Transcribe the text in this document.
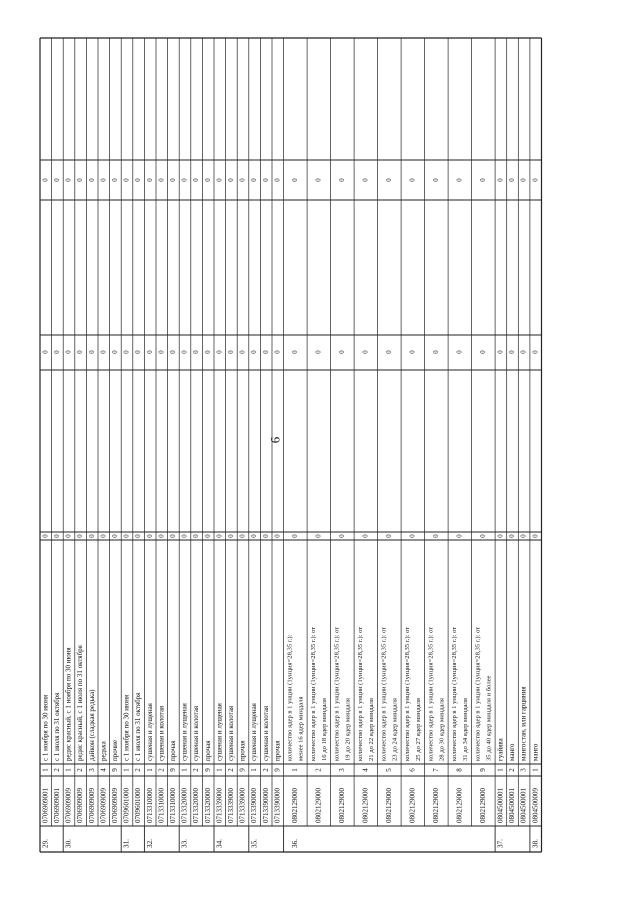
6
29.
0706909001
1
с 1 ноября по 30 июня
0
0
0
0706909001
2
с 1 июля по 31 октября
0
0
0
30.
0706909009
1
редис красный, с 1 ноября по 30 июня
0
0
0
0706909009
2
редис красный, с 1 июля по 31 октября
0
0
0
0706909009
3
дайкон (сладкая редька)
0
0
0
0706909009
4
редька
0
0
0
0706909009
9
прочие
0
0
0
31.
0709601000
1
с 1 ноября по 30 июня
0
0
0
0709601000
2
с 1 июля по 31 октября
0
0
0
32.
0713310000
1
сушеная и лущеная
0
0
0
0713310000
2
сушеная и колотая
0
0
0
0713310000
9
прочая
0
0
0
33.
0713320000
1
сушеная и лущеная
0
0
0
0713320000
2
сушеная и колотая
0
0
0
0713320000
9
прочая
0
0
0
34.
0713339000
1
сушеная и лущеная
0
0
0
0713339000
2
сушеная и колотая
0
0
0
0713339000
9
прочая
0
0
0
35.
0713390000
1
сушеная и лущеная
0
0
0
0713390000
2
сушеная и колотая
0
0
0
0713390000
9
прочая
0
0
0
36.
0802129000
1
количество ядер в 1 унции (1унция=28,35 г.): менее 16 ядер миндаля
0
0
0
0802129000
2
количество ядер в 1 унции (1унция=28,35 г.): от 16 до 18 ядер миндаля
0
0
0
0802129000
3
количество ядер в 1 унции (1унция=28,35 г.): от 19 до 20 ядер миндаля
0
0
0
0802129000
4
количество ядер в 1 унции (1унция=28,35 г.): от 21 до 22 ядер миндаля
0
0
0
0802129000
5
количество ядер в 1 унции (1унция=28,35 г.): от 23 до 24 ядер миндаля
0
0
0
0802129000
6
количество ядер в 1 унции (1унция=28,35 г.): от 25 до 27 ядер миндаля
0
0
0
0802129000
7
количество ядер в 1 унции (1унция=28,35 г.): от 28 до 30 ядер миндаля
0
0
0
0802129000
8
количество ядер в 1 унции (1унция=28,35 г.): от 31 до 34 ядер миндаля
0
0
0
0802129000
9
количество ядер в 1 унции (1унция=28,35 г.): от 35 до 40 ядер миндаля и более
0
0
0
37.
0804500001
1
гуайява
0
0
0
0804500001
2
манго
0
0
0
0804500001
3
мангостан, или гарциния
0
0
0
38.
0804500009
1
манго
0
0
0
